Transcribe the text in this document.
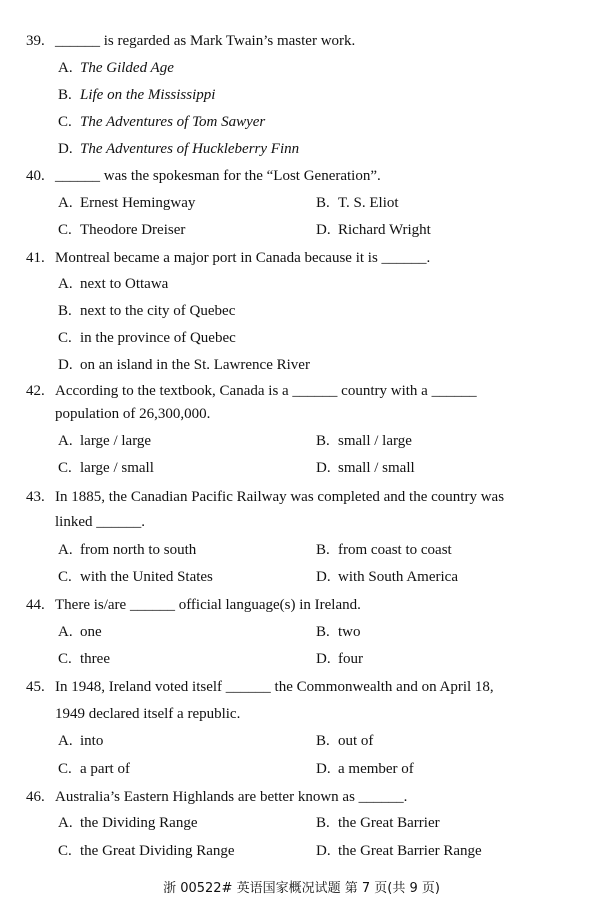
39. ______ is regarded as Mark Twain’s master work.
A. The Gilded Age
B. Life on the Mississippi
C. The Adventures of Tom Sawyer
D. The Adventures of Huckleberry Finn
40. ______ was the spokesman for the “Lost Generation”.
A. Ernest Hemingway	B. T. S. Eliot
C. Theodore Dreiser	D. Richard Wright
41. Montreal became a major port in Canada because it is ______.
A. next to Ottawa
B. next to the city of Quebec
C. in the province of Quebec
D. on an island in the St. Lawrence River
42. According to the textbook, Canada is a ______ country with a ______
population of 26,300,000.
A. large / large	B. small / large
C. large / small	D. small / small
43. In 1885, the Canadian Pacific Railway was completed and the country was
linked ______.
A. from north to south	B. from coast to coast
C. with the United States	D. with South America
44. There is/are ______ official language(s) in Ireland.
A. one	B. two
C. three	D. four
45. In 1948, Ireland voted itself ______ the Commonwealth and on April 18,
1949 declared itself a republic.
A. into	B. out of
C. a part of	D. a member of
46. Australia’s Eastern Highlands are better known as ______.
A. the Dividing Range	B. the Great Barrier
C. the Great Dividing Range	D. the Great Barrier Range
浙 00522# 英语国家概况试题 第 7 页(共 9 页)
